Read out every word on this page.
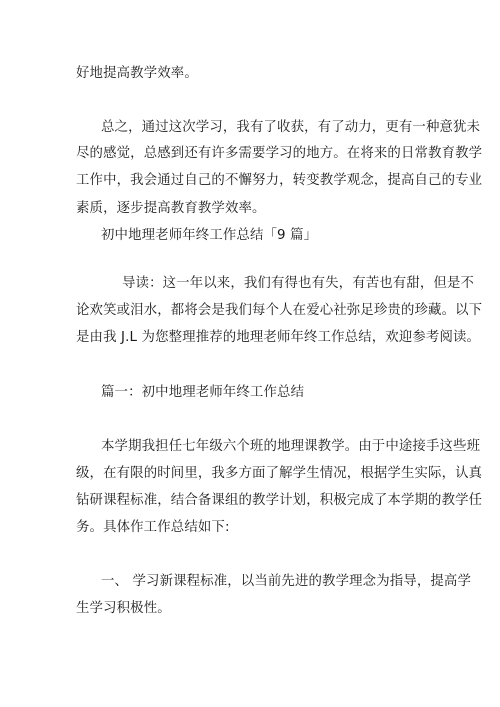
好地提高教学效率。
总之，通过这次学习，我有了收获，有了动力，更有一种意犹未
尽的感觉，总感到还有许多需要学习的地方。在将来的日常教育教学
工作中，我会通过自己的不懈努力，转变教学观念，提高自己的专业
素质，逐步提高教育教学效率。
初中地理老师年终工作总结「9 篇」
导读：这一年以来，我们有得也有失，有苦也有甜，但是不
论欢笑或泪水，都将会是我们每个人在爱心社弥足珍贵的珍藏。以下
是由我 J.L 为您整理推荐的地理老师年终工作总结，欢迎参考阅读。
篇一：初中地理老师年终工作总结
本学期我担任七年级六个班的地理课教学。由于中途接手这些班
级，在有限的时间里，我多方面了解学生情况，根据学生实际，认真
钻研课程标准，结合备课组的教学计划，积极完成了本学期的教学任
务。具体作工作总结如下:
一、 学习新课程标准，以当前先进的教学理念为指导，提高学
生学习积极性。
